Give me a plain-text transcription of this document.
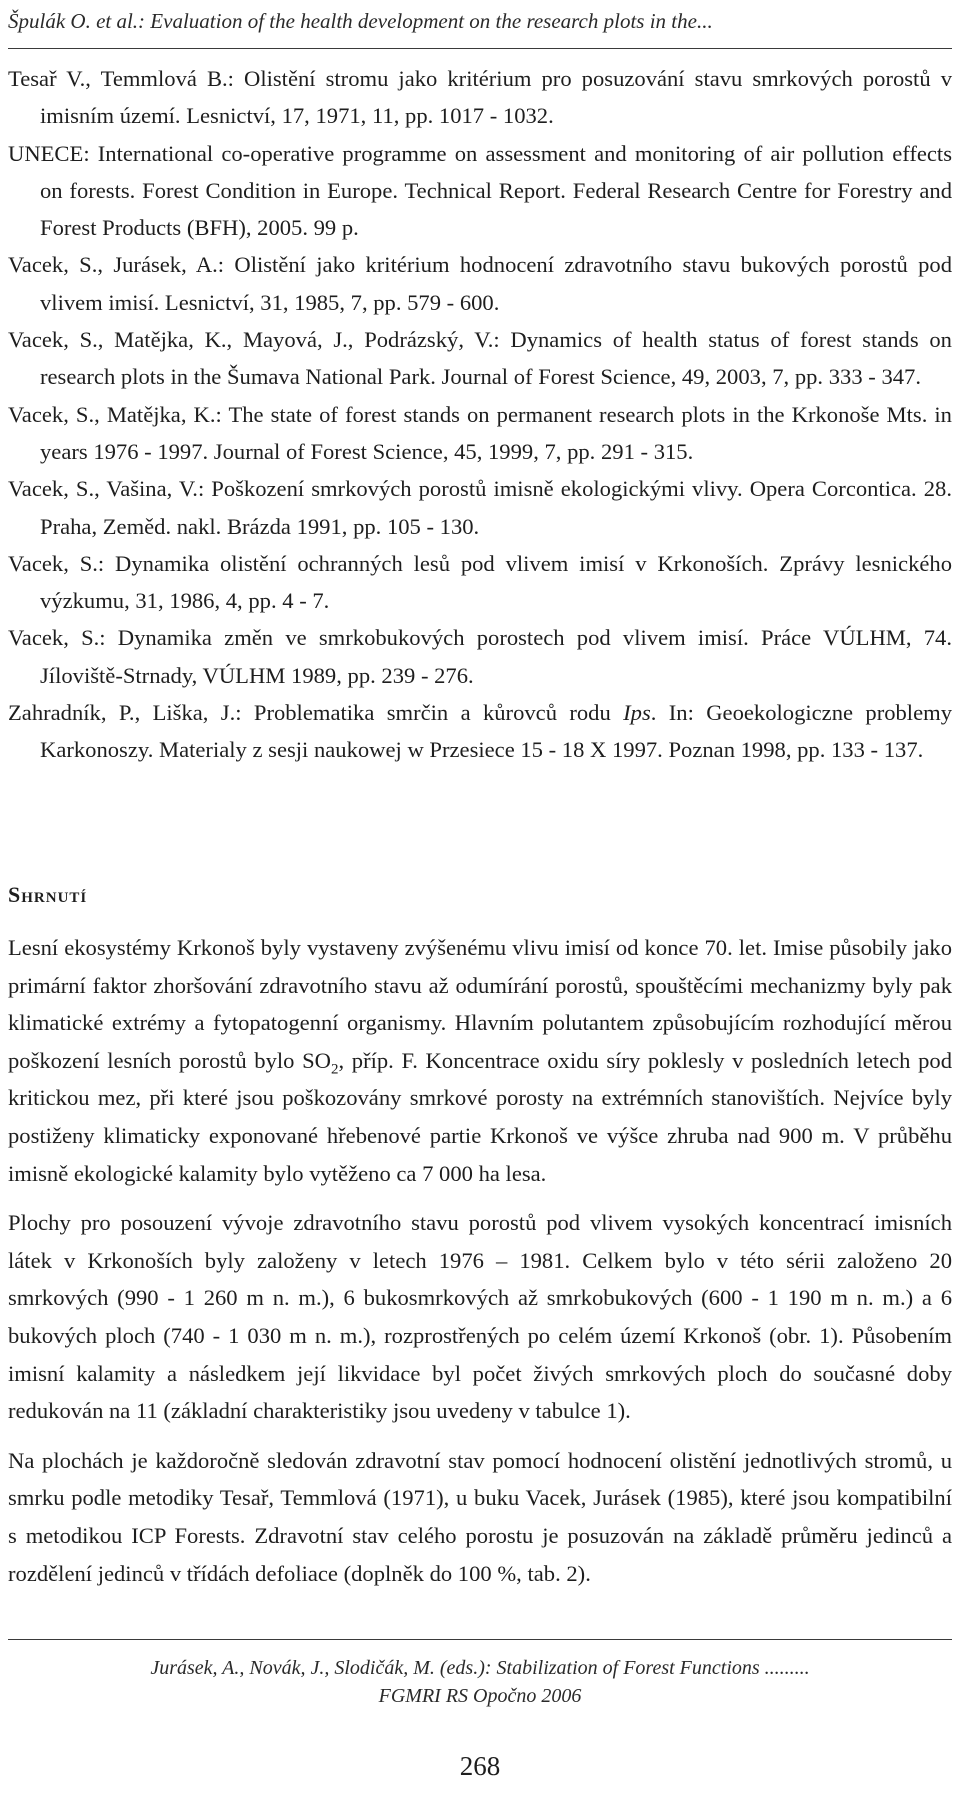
Špulák O. et al.: Evaluation of the health development on the research plots in the...
Tesař V., Temmlová B.: Olistění stromu jako kritérium pro posuzování stavu smrkových porostů v imisním území. Lesnictví, 17, 1971, 11, pp. 1017 - 1032.
UNECE: International co-operative programme on assessment and monitoring of air pollution effects on forests. Forest Condition in Europe. Technical Report. Federal Research Centre for Forestry and Forest Products (BFH), 2005. 99 p.
Vacek, S., Jurásek, A.: Olistění jako kritérium hodnocení zdravotního stavu bukových porostů pod vlivem imisí. Lesnictví, 31, 1985, 7, pp. 579 - 600.
Vacek, S., Matějka, K., Mayová, J., Podrázský, V.: Dynamics of health status of forest stands on research plots in the Šumava National Park. Journal of Forest Science, 49, 2003, 7, pp. 333 - 347.
Vacek, S., Matějka, K.: The state of forest stands on permanent research plots in the Krkonoše Mts. in years 1976 - 1997. Journal of Forest Science, 45, 1999, 7, pp. 291 - 315.
Vacek, S., Vašina, V.: Poškození smrkových porostů imisně ekologickými vlivy. Opera Corcontica. 28. Praha, Zeměd. nakl. Brázda 1991, pp. 105 - 130.
Vacek, S.: Dynamika olistění ochranných lesů pod vlivem imisí v Krkonoších. Zprávy lesnického výzkumu, 31, 1986, 4, pp. 4 - 7.
Vacek, S.: Dynamika změn ve smrkobukových porostech pod vlivem imisí. Práce VÚLHM, 74. Jíloviště-Strnady, VÚLHM 1989, pp. 239 - 276.
Zahradník, P., Liška, J.: Problematika smrčin a kůrovců rodu Ips. In: Geoekologiczne problemy Karkonoszy. Materialy z sesji naukowej w Przesiece 15 - 18 X 1997. Poznan 1998, pp. 133 - 137.
Shrnutí

Lesní ekosystémy Krkonoš byly vystaveny zvýšenému vlivu imisí od konce 70. let. Imise působily jako primární faktor zhoršování zdravotního stavu až odumírání porostů, spouštěcími mechanizmy byly pak klimatické extrémy a fytopatogenní organismy. Hlavním polutantem způsobujícím rozhodující měrou poškození lesních porostů bylo $SO_2$, příp. F. Koncentrace oxidu síry poklesly v posledních letech pod kritickou mez, při které jsou poškozovány smrkové porosty na extrémních stanovištích. Nejvíce byly postiženy klimaticky exponované hřebenové partie Krkonoš ve výšce zhruba nad 900 m. V průběhu imisně ekologické kalamity bylo vytěženo ca 7 000 ha lesa.

Plochy pro posouzení vývoje zdravotního stavu porostů pod vlivem vysokých koncentrací imisních látek v Krkonoších byly založeny v letech 1976 – 1981. Celkem bylo v této sérii založeno 20 smrkových (990 - 1 260 m n. m.), 6 bukosmrkových až smrkobukových (600 - 1 190 m n. m.) a 6 bukových ploch (740 - 1 030 m n. m.), rozprostřených po celém území Krkonoš (obr. 1). Působením imisní kalamity a následkem její likvidace byl počet živých smrkových ploch do současné doby redukován na 11 (základní charakteristiky jsou uvedeny v tabulce 1).

Na plochách je každoročně sledován zdravotní stav pomocí hodnocení olistění jednotlivých stromů, u smrku podle metodiky Tesař, Temmlová (1971), u buku Vacek, Jurásek (1985), které jsou kompatibilní s metodikou ICP Forests. Zdravotní stav celého porostu je posuzován na základě průměru jedinců a rozdělení jedinců v třídách defoliace (doplněk do 100 %, tab. 2).

Jurásek, A., Novák, J., Slodičák, M. (eds.): Stabilization of Forest Functions .........
FGMRI RS Opočno 2006
268
